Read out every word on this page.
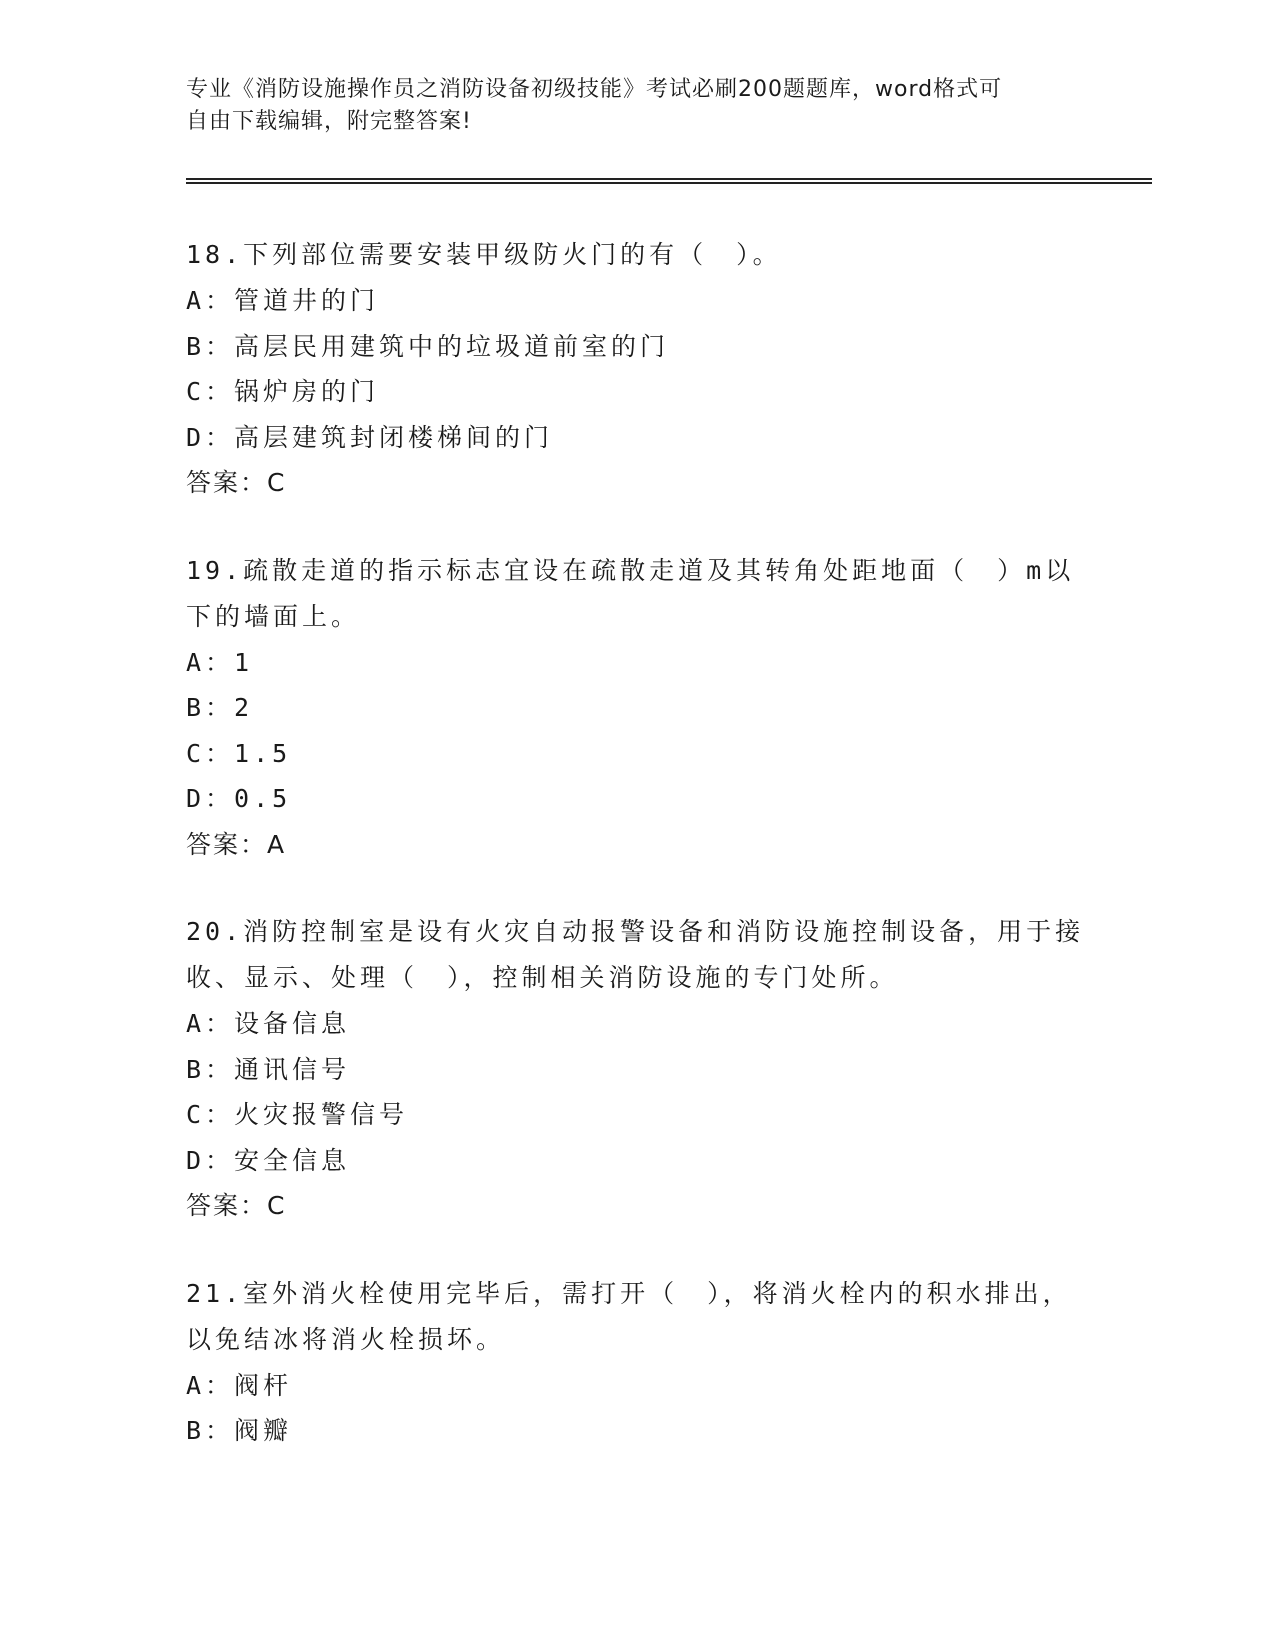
专业《消防设施操作员之消防设备初级技能》考试必刷200题题库，word格式可
自由下载编辑，附完整答案!
18.下列部位需要安装甲级防火门的有（　）。
A：管道井的门
B：高层民用建筑中的垃圾道前室的门
C：锅炉房的门
D：高层建筑封闭楼梯间的门
答案：C
19.疏散走道的指示标志宜设在疏散走道及其转角处距地面（　）m以
下的墙面上。
A：1
B：2
C：1.5
D：0.5
答案：A
20.消防控制室是设有火灾自动报警设备和消防设施控制设备，用于接
收、显示、处理（　），控制相关消防设施的专门处所。
A：设备信息
B：通讯信号
C：火灾报警信号
D：安全信息
答案：C
21.室外消火栓使用完毕后，需打开（　），将消火栓内的积水排出，
以免结冰将消火栓损坏。
A：阀杆
B：阀瓣
